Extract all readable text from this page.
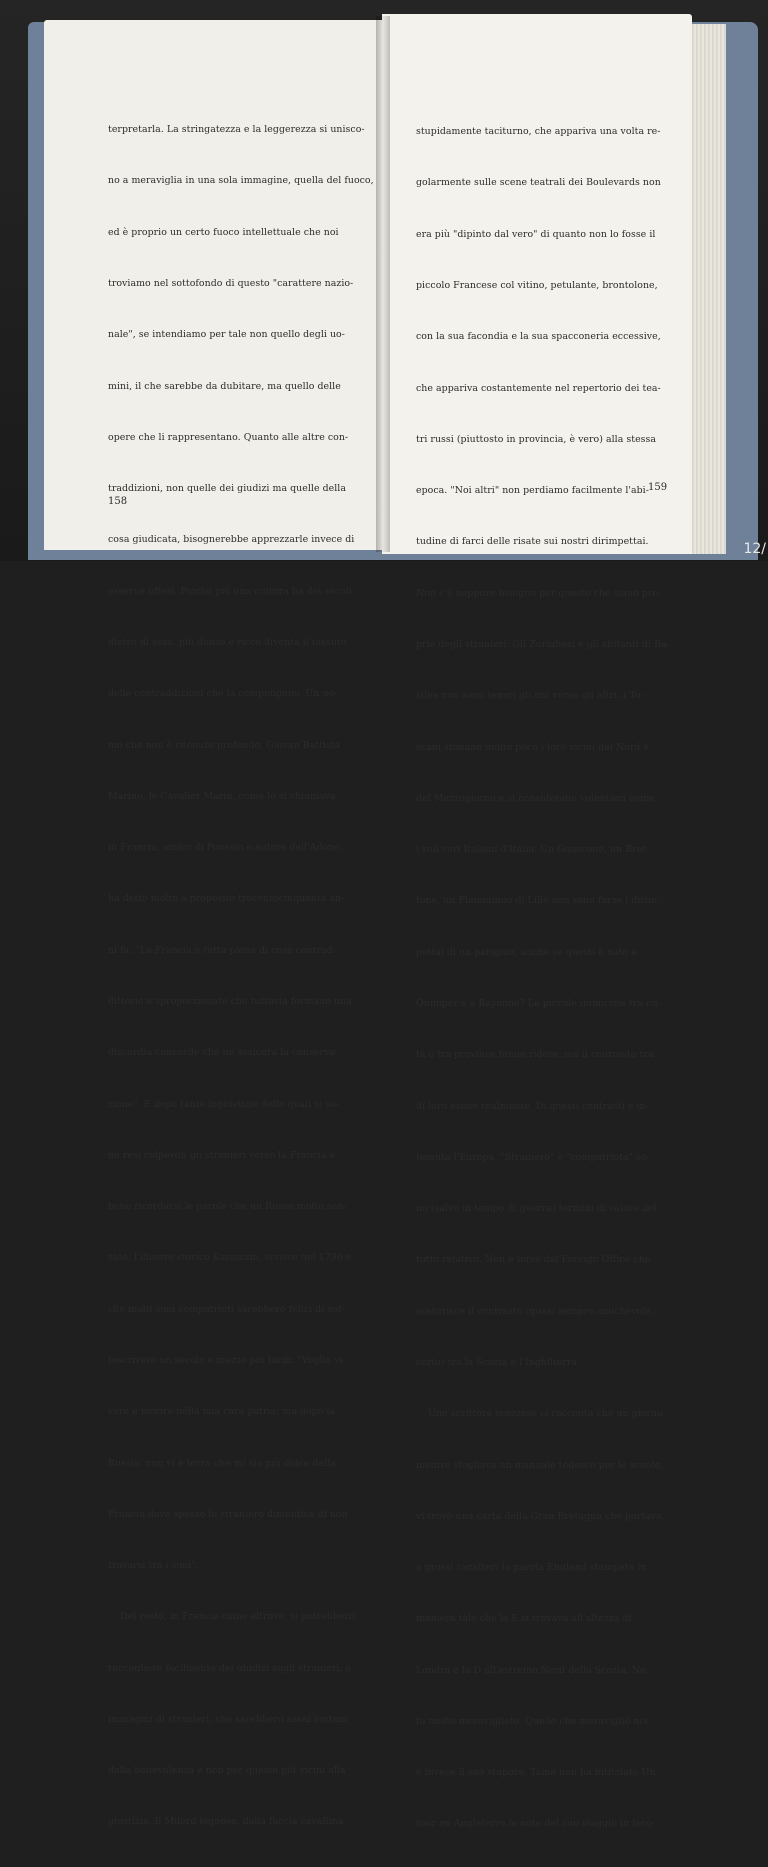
terpretarla. La stringatezza e la leggerezza si unisco-

no a meraviglia in una sola immagine, quella del fuoco,

ed è proprio un certo fuoco intellettuale che noi

troviamo nel sottofondo di questo "carattere nazio-

nale", se intendiamo per tale non quello degli uo-

mini, il che sarebbe da dubitare, ma quello delle

opere che li rappresentano. Quanto alle altre con-

traddizioni, non quelle dei giudizi ma quelle della

cosa giudicata, bisognerebbe apprezzarle invece di

esserne offesi. Poiché più una cultura ha dei secoli

dietro di essa, più denso e ricco diventa il tessuto

delle contraddizioni che la compongono. Un uo-

mo che non è ritenuto profondo, Giovan Battista

Marino, le Cavalier Marin, come lo si chiamava

in Francia, amico di Poussin e autore dell'Adone,

ha detto molto a proposito trecentocinquanta an-

ni fa: "La Francia è tutta piena di cose contrad-

dittorie e sproporzionate che tuttavia formano una

discordia concorde che ne assicura la conserva-

zione". E dopo tante ingiustizie delle quali si so-

no resi colpevoli gli stranieri verso la Francia è

bene ricordarsi le parole che un Russo molto sen-

sato, l'illustre storico Karamzin, scrisse nel 1790 e

che molti suoi compatrioti sarebbero felici di sot-

toscrivere un secolo e mezzo più tardi: "Voglio vi-

vere e morire nella mia cara patria; ma dopo la

Russia, non vi è terra che mi sia più dolce della

Francia dove spesso lo straniero dimentica di non

trovarsi tra i suoi".

Del resto, in Francia come altrove, si potrebbero

raccogliere facilmente dei giudizi sugli stranieri, o

immagini di stranieri, che sarebbero assai lontani

dalla benevolenza e non per questo più vicini alla

giustizia. Il Milord legnoso, dalla faccia cavallina,

158

stupidamente taciturno, che appariva una volta re-

golarmente sulle scene teatrali dei Boulevards non

era più "dipinto dal vero" di quanto non lo fosse il

piccolo Francese col vitino, petulante, brontolone,

con la sua facondia e la sua spacconeria eccessive,

che appariva costantemente nel repertorio dei tea-

tri russi (piuttosto in provincia, è vero) alla stessa

epoca. "Noi altri" non perdiamo facilmente l'abi-

tudine di farci delle risate sui nostri dirimpettai.

Non c'è neppure bisogno per questo che siano pro-

prio degli stranieri. Gli Zurighesi e gli abitanti di Ba-

silea non sono teneri gli uni verso gli altri; i To-

scani stimano molto poco i loro vicini del Nord e

del Mezzogiorno e si considerano volentieri come

i soli veri Italiani d'Italia. Un Guascone, un Bret-

tone, un Fiammingo di Lille non sono forse i dirim-

pettai di un parigino, anche se questi è nato a

Quimper o a Bayonne? Le piccole inimicizie tra cit-

tà o tra province fanno ridere, ma il contrasto tra

di loro esiste realmente. Di questi contrasti è in-

tessuta l'Europa. "Straniero" e "compatriota" so-

no (salvo in tempo di guerra) termini di valore del

tutto relativo. Non è forse dal Foreign Office che

scaturisce il contrasto (quasi sempre amichevole,

certo) tra la Scozia e l'Inghilterra.

Uno scrittore scozzese ci racconta che un giorno,

mentre sfogliava un manuale tedesco per le scuole,

vi trovò una carta della Gran Bretagna che portava

a grossi caratteri la parola England stampata in

maniera tale che la E si trovava all'altezza di

Londra e la D all'estremo Nord della Scozia. Ne

fu molto meravigliato. Quello che meravigliò noi

è invece il suo stupore. Taine non ha intitolato Un

tour en Angleterre le note del suo viaggio in Isco-

159
12/
